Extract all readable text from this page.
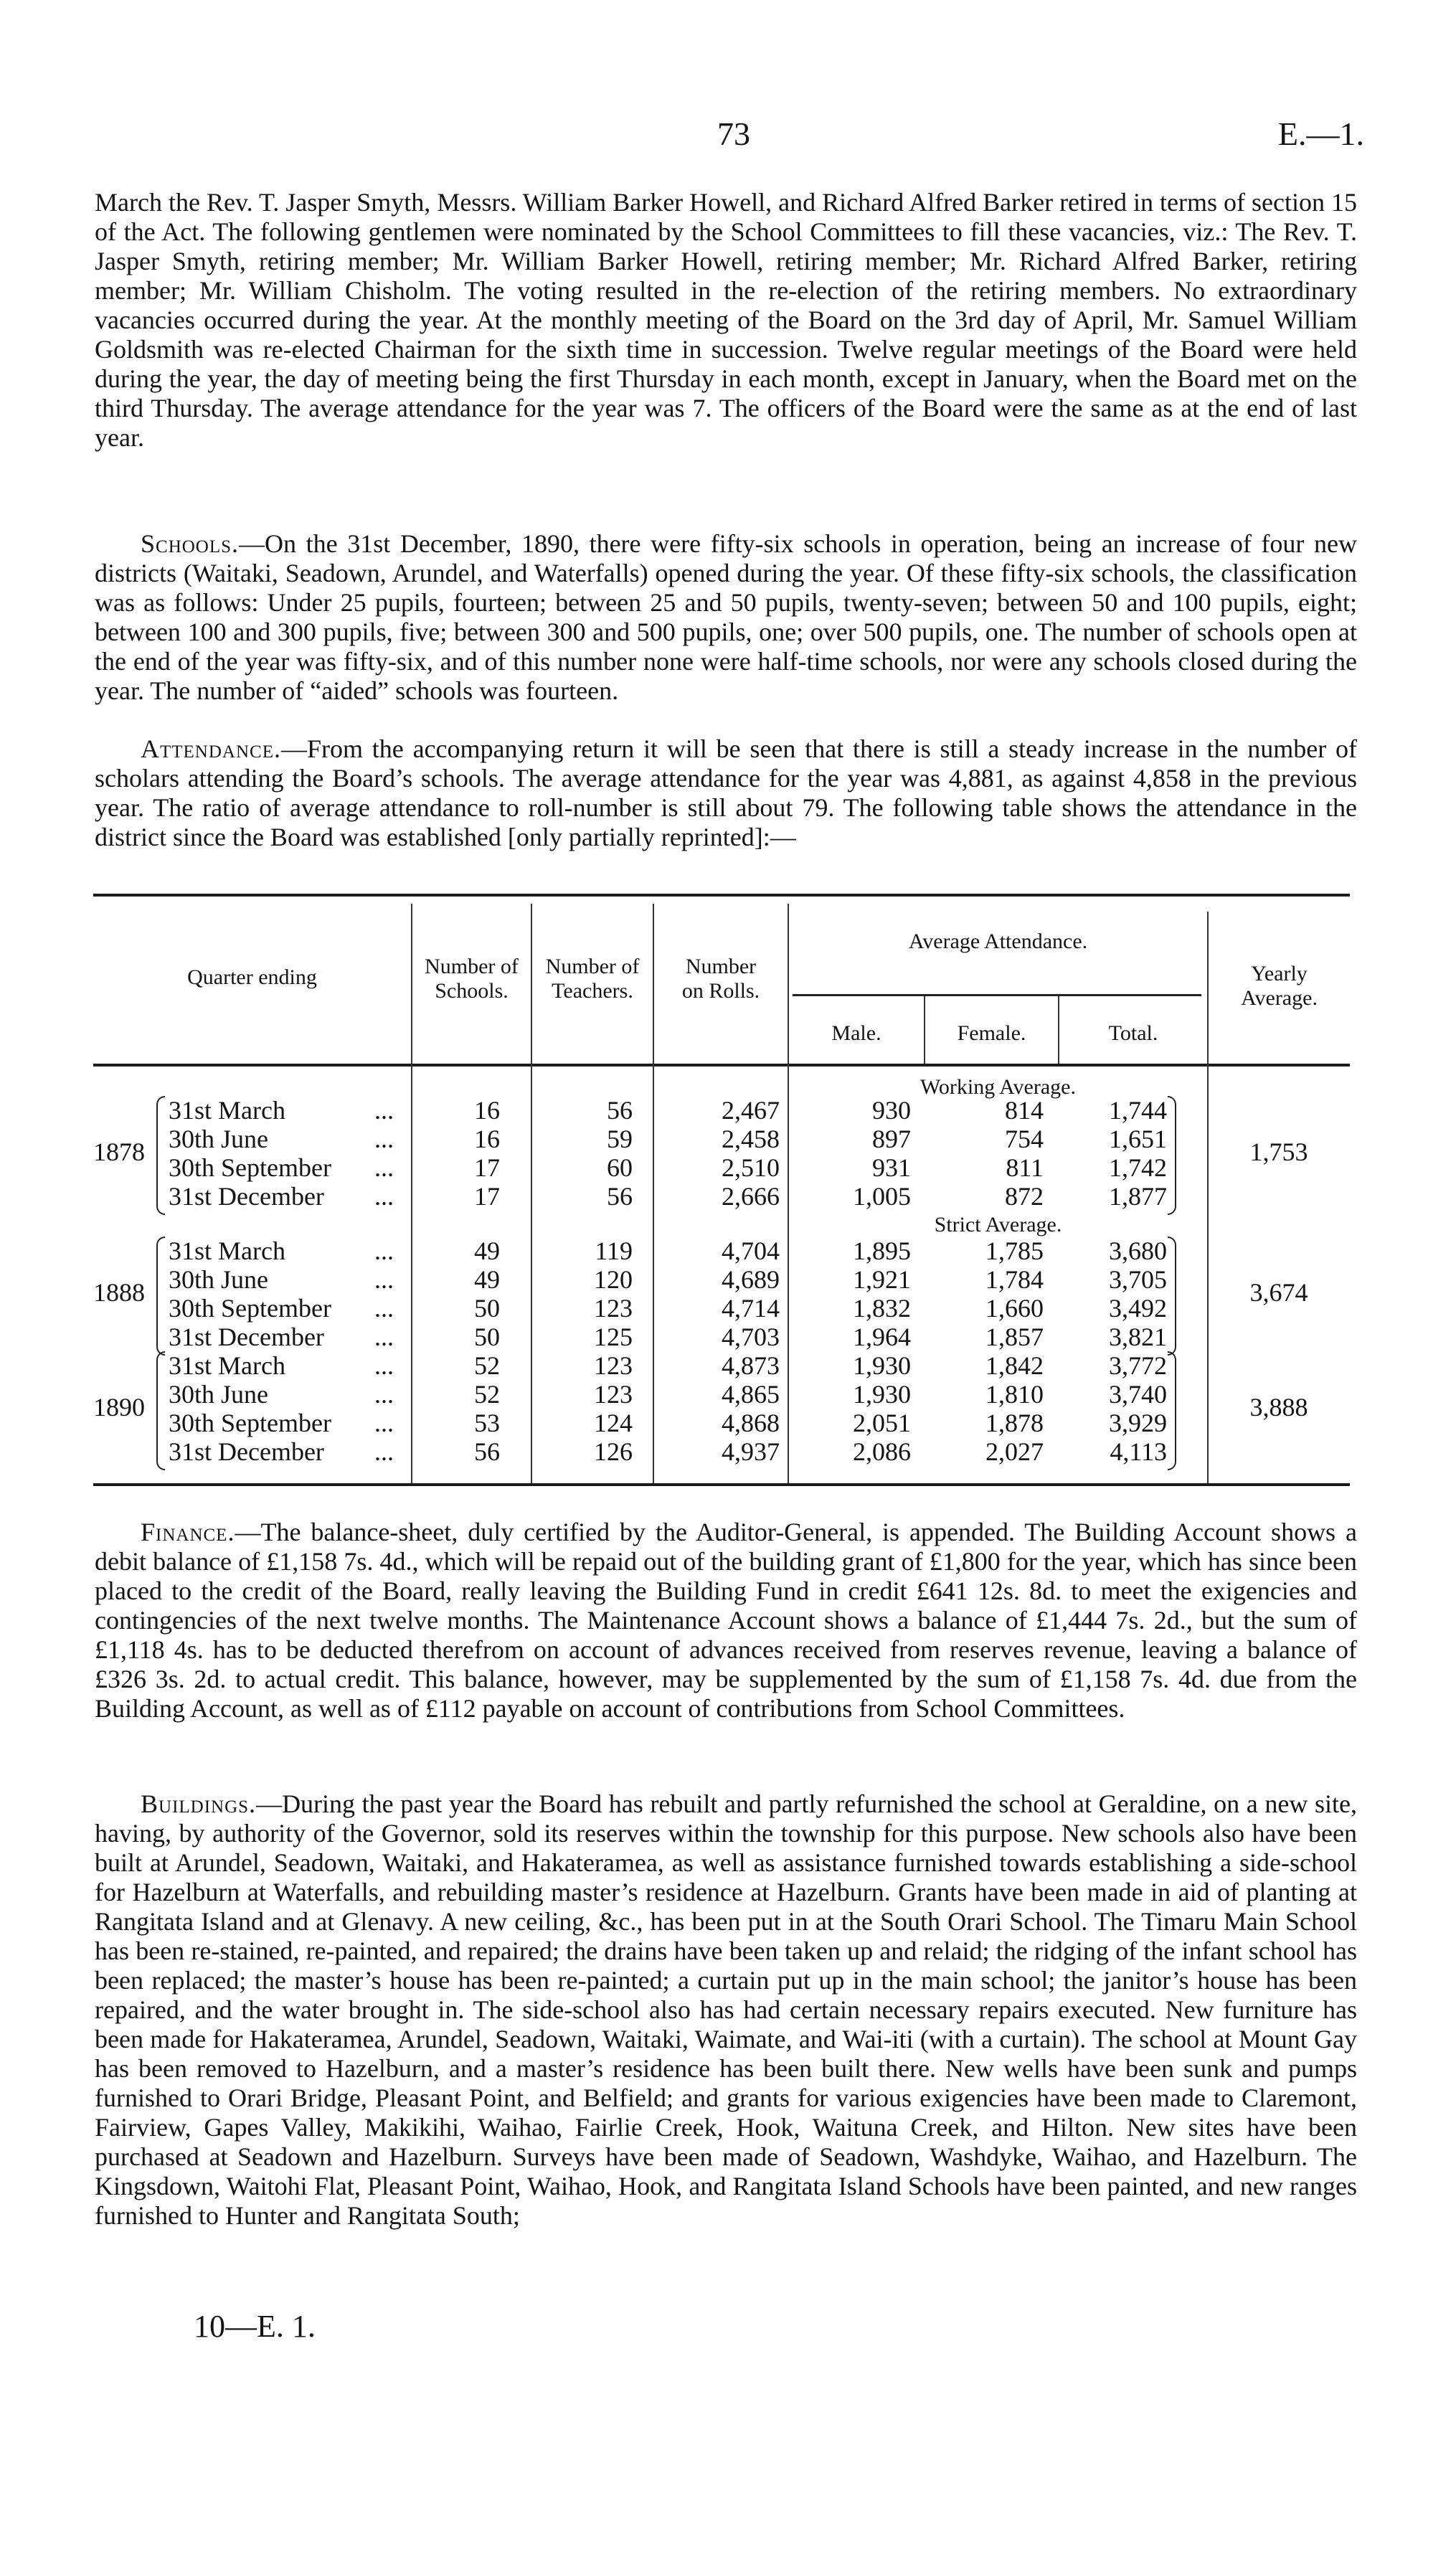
73	E.—1.

March the Rev. T. Jasper Smyth, Messrs. William Barker Howell, and Richard Alfred Barker retired in terms of section 15 of the Act. The following gentlemen were nominated by the School Committees to fill these vacancies, viz.: The Rev. T. Jasper Smyth, retiring member; Mr. William Barker Howell, retiring member; Mr. Richard Alfred Barker, retiring member; Mr. William Chisholm. The voting resulted in the re-election of the retiring members. No extraordinary vacancies occurred during the year. At the monthly meeting of the Board on the 3rd day of April, Mr. Samuel William Goldsmith was re-elected Chairman for the sixth time in succession. Twelve regular meetings of the Board were held during the year, the day of meeting being the first Thursday in each month, except in January, when the Board met on the third Thursday. The average attendance for the year was 7. The officers of the Board were the same as at the end of last year.

Schools.—On the 31st December, 1890, there were fifty-six schools in operation, being an increase of four new districts (Waitaki, Seadown, Arundel, and Waterfalls) opened during the year. Of these fifty-six schools, the classification was as follows: Under 25 pupils, fourteen; between 25 and 50 pupils, twenty-seven; between 50 and 100 pupils, eight; between 100 and 300 pupils, five; between 300 and 500 pupils, one; over 500 pupils, one. The number of schools open at the end of the year was fifty-six, and of this number none were half-time schools, nor were any schools closed during the year. The number of “aided” schools was fourteen.

Attendance.—From the accompanying return it will be seen that there is still a steady increase in the number of scholars attending the Board’s schools. The average attendance for the year was 4,881, as against 4,858 in the previous year. The ratio of average attendance to roll-number is still about 79. The following table shows the attendance in the district since the Board was established [only partially reprinted]:—

Quarter ending	Number of
Schools.
Number of
Teachers.
Number
on Rolls.
Average Attendance.
Male.	Female.	Total.
Yearly
Average.
Working Average.
Strict Average.
1878	1,753
31st March	...	16	56	2,467	930	814	1,744
30th June	...	16	59	2,458	897	754	1,651
30th September ...	17	60	2,510	931	811	1,742
31st December ...	17	56	2,666	1,005	872	1,877
1888	3,674
31st March	...	49	119	4,704	1,895	1,785	3,680
30th June	...	49	120	4,689	1,921	1,784	3,705
30th September ...	50	123	4,714	1,832	1,660	3,492
31st December ...	50	125	4,703	1,964	1,857	3,821
1890	3,888
31st March	...	52	123	4,873	1,930	1,842	3,772
30th June	...	52	123	4,865	1,930	1,810	3,740
30th September ...	53	124	4,868	2,051	1,878	3,929
31st December ...	56	126	4,937	2,086	2,027	4,113

Finance.—The balance-sheet, duly certified by the Auditor-General, is appended. The Building Account shows a debit balance of £1,158 7s. 4d., which will be repaid out of the building grant of £1,800 for the year, which has since been placed to the credit of the Board, really leaving the Building Fund in credit £641 12s. 8d. to meet the exigencies and contingencies of the next twelve months. The Maintenance Account shows a balance of £1,444 7s. 2d., but the sum of £1,118 4s. has to be deducted therefrom on account of advances received from reserves revenue, leaving a balance of £326 3s. 2d. to actual credit. This balance, however, may be supplemented by the sum of £1,158 7s. 4d. due from the Building Account, as well as of £112 payable on account of contributions from School Committees.

Buildings.—During the past year the Board has rebuilt and partly refurnished the school at Geraldine, on a new site, having, by authority of the Governor, sold its reserves within the township for this purpose. New schools also have been built at Arundel, Seadown, Waitaki, and Hakateramea, as well as assistance furnished towards establishing a side-school for Hazelburn at Waterfalls, and rebuilding master’s residence at Hazelburn. Grants have been made in aid of planting at Rangitata Island and at Glenavy. A new ceiling, &c., has been put in at the South Orari School. The Timaru Main School has been re-stained, re-painted, and repaired; the drains have been taken up and relaid; the ridging of the infant school has been replaced; the master’s house has been re-painted; a curtain put up in the main school; the janitor’s house has been repaired, and the water brought in. The side-school also has had certain necessary repairs executed. New furniture has been made for Hakateramea, Arundel, Seadown, Waitaki, Waimate, and Wai-iti (with a curtain). The school at Mount Gay has been removed to Hazelburn, and a master’s residence has been built there. New wells have been sunk and pumps furnished to Orari Bridge, Pleasant Point, and Belfield; and grants for various exigencies have been made to Claremont, Fairview, Gapes Valley, Makikihi, Waihao, Fairlie Creek, Hook, Waituna Creek, and Hilton. New sites have been purchased at Seadown and Hazelburn. Surveys have been made of Seadown, Washdyke, Waihao, and Hazelburn. The Kingsdown, Waitohi Flat, Pleasant Point, Waihao, Hook, and Rangitata Island Schools have been painted, and new ranges furnished to Hunter and Rangitata South;

10—E. 1.
